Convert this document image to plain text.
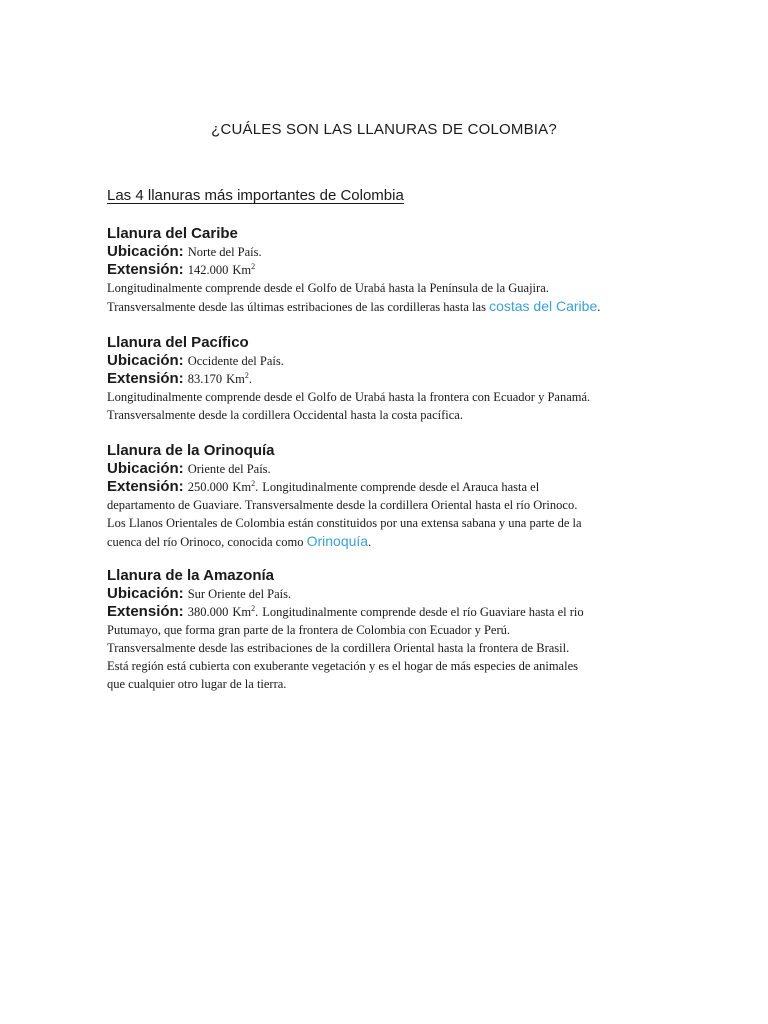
¿CUÁLES SON LAS LLANURAS DE COLOMBIA?
Las 4 llanuras más importantes de Colombia
Llanura del Caribe
Ubicación: Norte del País.
Extensión: 142.000 Km$^2$

Longitudinalmente comprende desde el Golfo de Urabá hasta la Península de la Guajira.

Transversalmente desde las últimas estribaciones de las cordilleras hasta las costas del Caribe.

Llanura del Pacífico
Ubicación: Occidente del País.
Extensión: 83.170 Km$^2$.

Longitudinalmente comprende desde el Golfo de Urabá hasta la frontera con Ecuador y Panamá.

Transversalmente desde la cordillera Occidental hasta la costa pacífica.

Llanura de la Orinoquía
Ubicación: Oriente del País.
Extensión: 250.000 Km$^2$. Longitudinalmente comprende desde el Arauca hasta el

departamento de Guaviare. Transversalmente desde la cordillera Oriental hasta el río Orinoco.

Los Llanos Orientales de Colombia están constituidos por una extensa sabana y una parte de la

cuenca del río Orinoco, conocida como Orinoquía.

Llanura de la Amazonía
Ubicación: Sur Oriente del País.
Extensión: 380.000 Km$^2$. Longitudinalmente comprende desde el río Guaviare hasta el rio

Putumayo, que forma gran parte de la frontera de Colombia con Ecuador y Perú.

Transversalmente desde las estribaciones de la cordillera Oriental hasta la frontera de Brasil.

Está región está cubierta con exuberante vegetación y es el hogar de más especies de animales

que cualquier otro lugar de la tierra.
